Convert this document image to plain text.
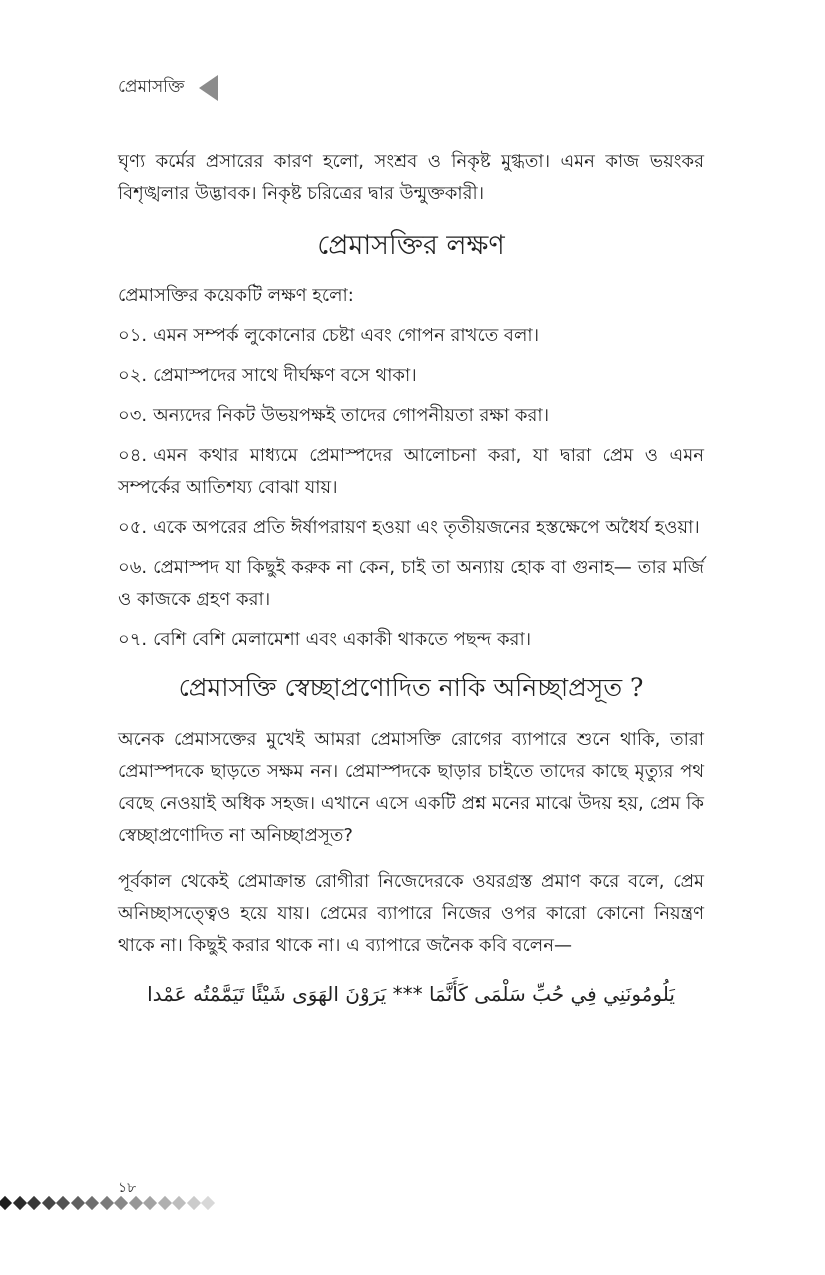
প্রেমাসক্তি

ঘৃণ্য কর্মের প্রসারের কারণ হলো, সংশ্রব ও নিকৃষ্ট মুগ্ধতা। এমন কাজ ভয়ংকর বিশৃঙ্খলার উদ্ভাবক। নিকৃষ্ট চরিত্রের দ্বার উন্মুক্তকারী।

প্রেমাসক্তির লক্ষণ

প্রেমাসক্তির কয়েকটি লক্ষণ হলো:

০১. এমন সম্পর্ক লুকোনোর চেষ্টা এবং গোপন রাখতে বলা।

০২. প্রেমাস্পদের সাথে দীর্ঘক্ষণ বসে থাকা।

০৩. অন্যদের নিকট উভয়পক্ষই তাদের গোপনীয়তা রক্ষা করা।

০৪. এমন কথার মাধ্যমে প্রেমাস্পদের আলোচনা করা, যা দ্বারা প্রেম ও এমন সম্পর্কের আতিশয্য বোঝা যায়।

০৫. একে অপরের প্রতি ঈর্ষাপরায়ণ হওয়া এং তৃতীয়জনের হস্তক্ষেপে অধৈর্য হওয়া।

০৬. প্রেমাস্পদ যা কিছুই করুক না কেন, চাই তা অন্যায় হোক বা গুনাহ— তার মর্জি ও কাজকে গ্রহণ করা।

০৭. বেশি বেশি মেলামেশা এবং একাকী থাকতে পছন্দ করা।

প্রেমাসক্তি স্বেচ্ছাপ্রণোদিত নাকি অনিচ্ছাপ্রসূত ?

অনেক প্রেমাসক্তের মুখেই আমরা প্রেমাসক্তি রোগের ব্যাপারে শুনে থাকি, তারা প্রেমাস্পদকে ছাড়তে সক্ষম নন। প্রেমাস্পদকে ছাড়ার চাইতে তাদের কাছে মৃত্যুর পথ বেছে নেওয়াই অধিক সহজ। এখানে এসে একটি প্রশ্ন মনের মাঝে উদয় হয়, প্রেম কি স্বেচ্ছাপ্রণোদিত না অনিচ্ছাপ্রসূত?

পূর্বকাল থেকেই প্রেমাক্রান্ত রোগীরা নিজেদেরকে ওযরগ্রস্ত প্রমাণ করে বলে, প্রেম অনিচ্ছাসত্ত্বেও হয়ে যায়। প্রেমের ব্যাপারে নিজের ওপর কারো কোনো নিয়ন্ত্রণ থাকে না। কিছুই করার থাকে না। এ ব্যাপারে জনৈক কবি বলেন—

يَلُومُونَنِي فِي حُبِّ سَلْمَى كَأَنَّمَا *** يَرَوْنَ الهَوَى شَيْئًا تَيَمَّمْتُه عَمْدا

১৮
